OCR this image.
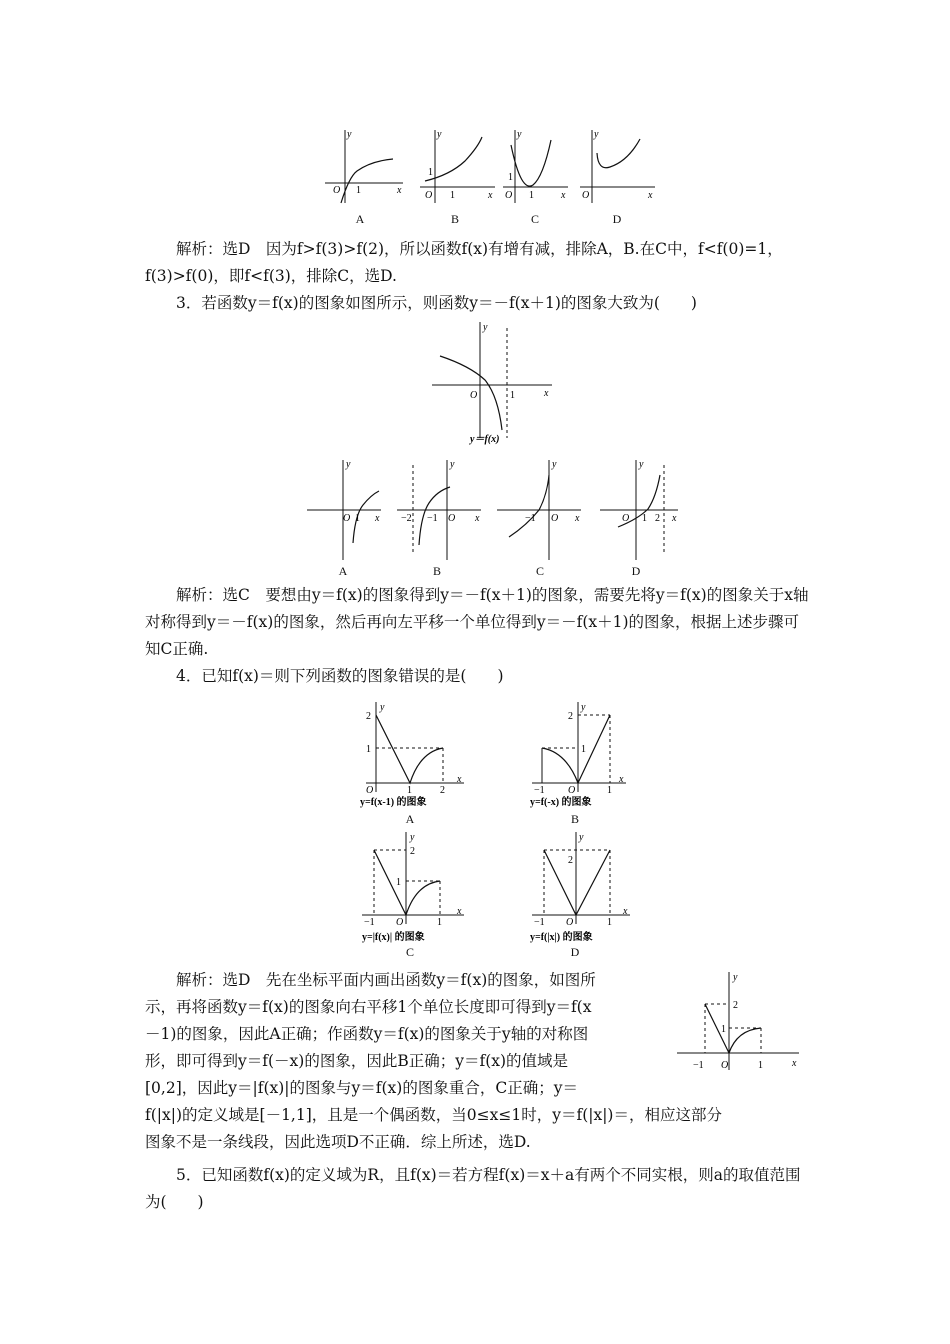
y
x
O 1
y
x
O
1
1
y
x
O
1
1
y
x
O
A	B	C	D

解析：选D　因为f>f(3)>f(2)，所以函数f(x)有增有减，排除A，B.在C中，f<f(0)=1，f(3)>f(0)，即f<f(3)，排除C，选D.

3．若函数y＝f(x)的图象如图所示，则函数y＝－f(x＋1)的图象大致为(　　)

y
x
O	1
y＝f(x)
y
x
O 1
y
x
−2 −1 O
y
x
−1 O
y
x
O 1 2
A	B	C	D

解析：选C　要想由y＝f(x)的图象得到y＝－f(x＋1)的图象，需要先将y＝f(x)的图象关于x轴对称得到y＝－f(x)的图象，然后再向左平移一个单位得到y＝－f(x＋1)的图象，根据上述步骤可知C正确.

4．已知f(x)＝则下列函数的图象错误的是(　　)

y
x
2
1
O	1	2
y=f(x-1) 的图象
y
x
2
1
−1 O	1
y=f(-x) 的图象
y
x
2
1
−1 O	1
y=|f(x)| 的图象
y
x
2
−1 O	1
y=f(|x|) 的图象
A	B
C	D

解析：选D　先在坐标平面内画出函数y＝f(x)的图象，如图所

示，再将函数y＝f(x)的图象向右平移1个单位长度即可得到y＝f(x

－1)的图象，因此A正确；作函数y＝f(x)的图象关于y轴的对称图

形，即可得到y＝f(－x)的图象，因此B正确；y＝f(x)的值域是

[0,2]，因此y＝|f(x)|的图象与y＝f(x)的图象重合，C正确；y＝

f(|x|)的定义域是[－1,1]，且是一个偶函数，当0≤x≤1时，y＝f(|x|)＝，相应这部分

图象不是一条线段，因此选项D不正确．综上所述，选D.

y
x
2
1
−1 O	1

5．已知函数f(x)的定义域为R，且f(x)＝若方程f(x)＝x＋a有两个不同实根，则a的取值范围为(　　)
